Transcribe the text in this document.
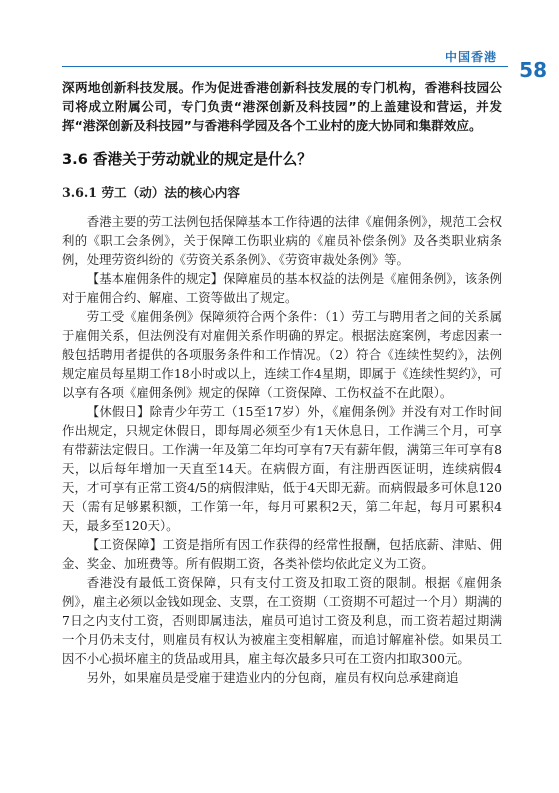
中国香港
58

深两地创新科技发展。作为促进香港创新科技发展的专门机构，香港科技园公司将成立附属公司，专门负责“港深创新及科技园”的上盖建设和营运，并发挥“港深创新及科技园”与香港科学园及各个工业村的庞大协同和集群效应。

3.6 香港关于劳动就业的规定是什么？

3.6.1 劳工（动）法的核心内容

香港主要的劳工法例包括保障基本工作待遇的法律《雇佣条例》，规范工会权利的《职工会条例》，关于保障工伤职业病的《雇员补偿条例》及各类职业病条例，处理劳资纠纷的《劳资关系条例》、《劳资审裁处条例》等。

【基本雇佣条件的规定】保障雇员的基本权益的法例是《雇佣条例》，该条例对于雇佣合约、解雇、工资等做出了规定。

劳工受《雇佣条例》保障须符合两个条件：（1）劳工与聘用者之间的关系属于雇佣关系，但法例没有对雇佣关系作明确的界定。根据法庭案例，考虑因素一般包括聘用者提供的各项服务条件和工作情况。（2）符合《连续性契约》，法例规定雇员每星期工作18小时或以上，连续工作4星期，即属于《连续性契约》，可以享有各项《雇佣条例》规定的保障（工资保障、工伤权益不在此限）。

【休假日】除青少年劳工（15至17岁）外，《雇佣条例》并没有对工作时间作出规定，只规定休假日，即每周必须至少有1天休息日，工作满三个月，可享有带薪法定假日。工作满一年及第二年均可享有7天有薪年假，满第三年可享有8天，以后每年增加一天直至14天。在病假方面，有注册西医证明，连续病假4天，才可享有正常工资4/5的病假津贴，低于4天即无薪。而病假最多可休息120天（需有足够累积额，工作第一年，每月可累积2天，第二年起，每月可累积4天，最多至120天）。

【工资保障】工资是指所有因工作获得的经常性报酬，包括底薪、津贴、佣金、奖金、加班费等。所有假期工资，各类补偿均依此定义为工资。

香港没有最低工资保障，只有支付工资及扣取工资的限制。根据《雇佣条例》，雇主必须以金钱如现金、支票，在工资期（工资期不可超过一个月）期满的7日之内支付工资，否则即属违法，雇员可追讨工资及利息，而工资若超过期满一个月仍未支付，则雇员有权认为被雇主变相解雇，而追讨解雇补偿。如果员工因不小心损坏雇主的货品或用具，雇主每次最多只可在工资内扣取300元。

另外，如果雇员是受雇于建造业内的分包商，雇员有权向总承建商追
